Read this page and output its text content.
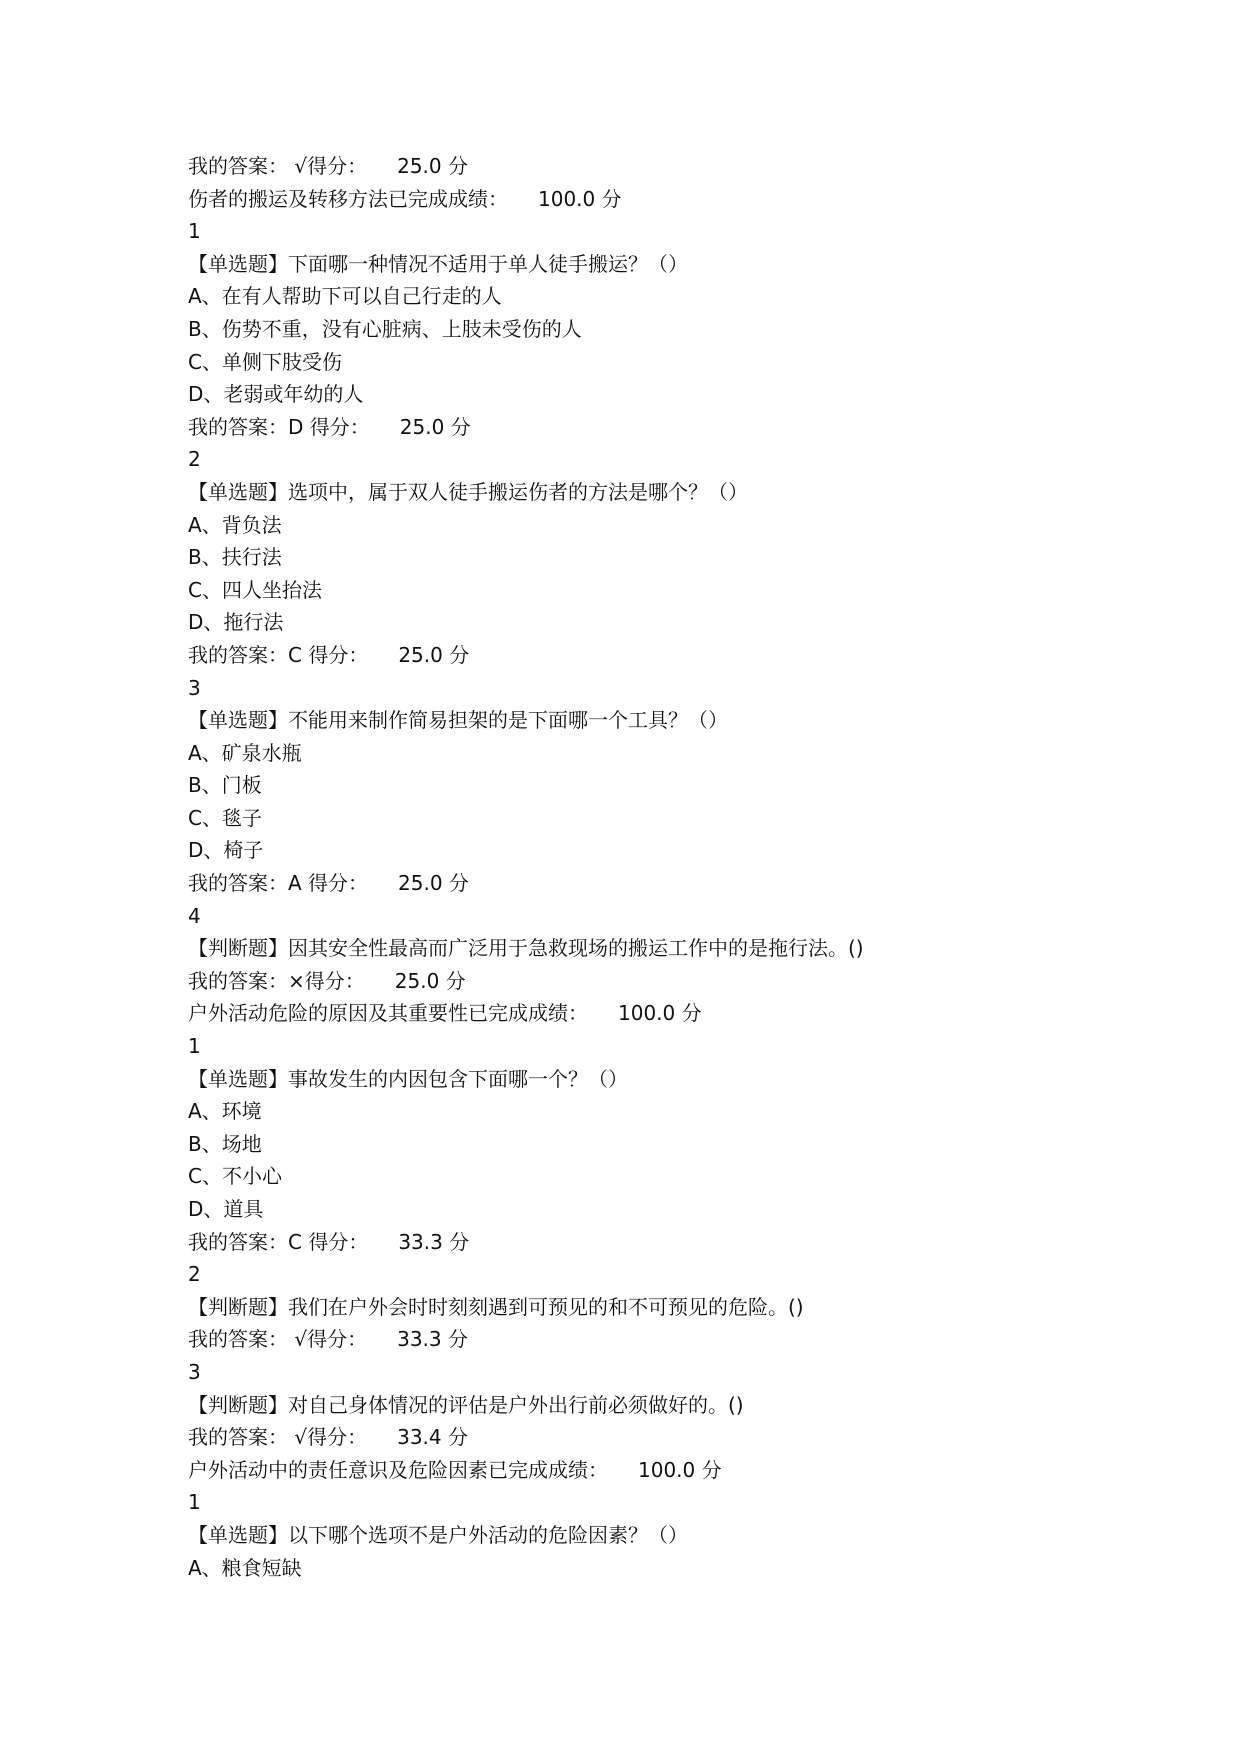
我的答案： √得分： 25.0 分
伤者的搬运及转移方法已完成成绩： 100.0 分
1
【单选题】下面哪一种情况不适用于单人徒手搬运？（）
A、在有人帮助下可以自己行走的人
B、伤势不重，没有心脏病、上肢未受伤的人
C、单侧下肢受伤
D、老弱或年幼的人
我的答案：D 得分： 25.0 分
2
【单选题】选项中，属于双人徒手搬运伤者的方法是哪个？（）
A、背负法
B、扶行法
C、四人坐抬法
D、拖行法
我的答案：C 得分： 25.0 分
3
【单选题】不能用来制作简易担架的是下面哪一个工具？（）
A、矿泉水瓶
B、门板
C、毯子
D、椅子
我的答案：A 得分： 25.0 分
4
【判断题】因其安全性最高而广泛用于急救现场的搬运工作中的是拖行法。()
我的答案：×得分： 25.0 分
户外活动危险的原因及其重要性已完成成绩： 100.0 分
1
【单选题】事故发生的内因包含下面哪一个？（）
A、环境
B、场地
C、不小心
D、道具
我的答案：C 得分： 33.3 分
2
【判断题】我们在户外会时时刻刻遇到可预见的和不可预见的危险。()
我的答案： √得分： 33.3 分
3
【判断题】对自己身体情况的评估是户外出行前必须做好的。()
我的答案： √得分： 33.4 分
户外活动中的责任意识及危险因素已完成成绩： 100.0 分
1
【单选题】以下哪个选项不是户外活动的危险因素？（）
A、粮食短缺
